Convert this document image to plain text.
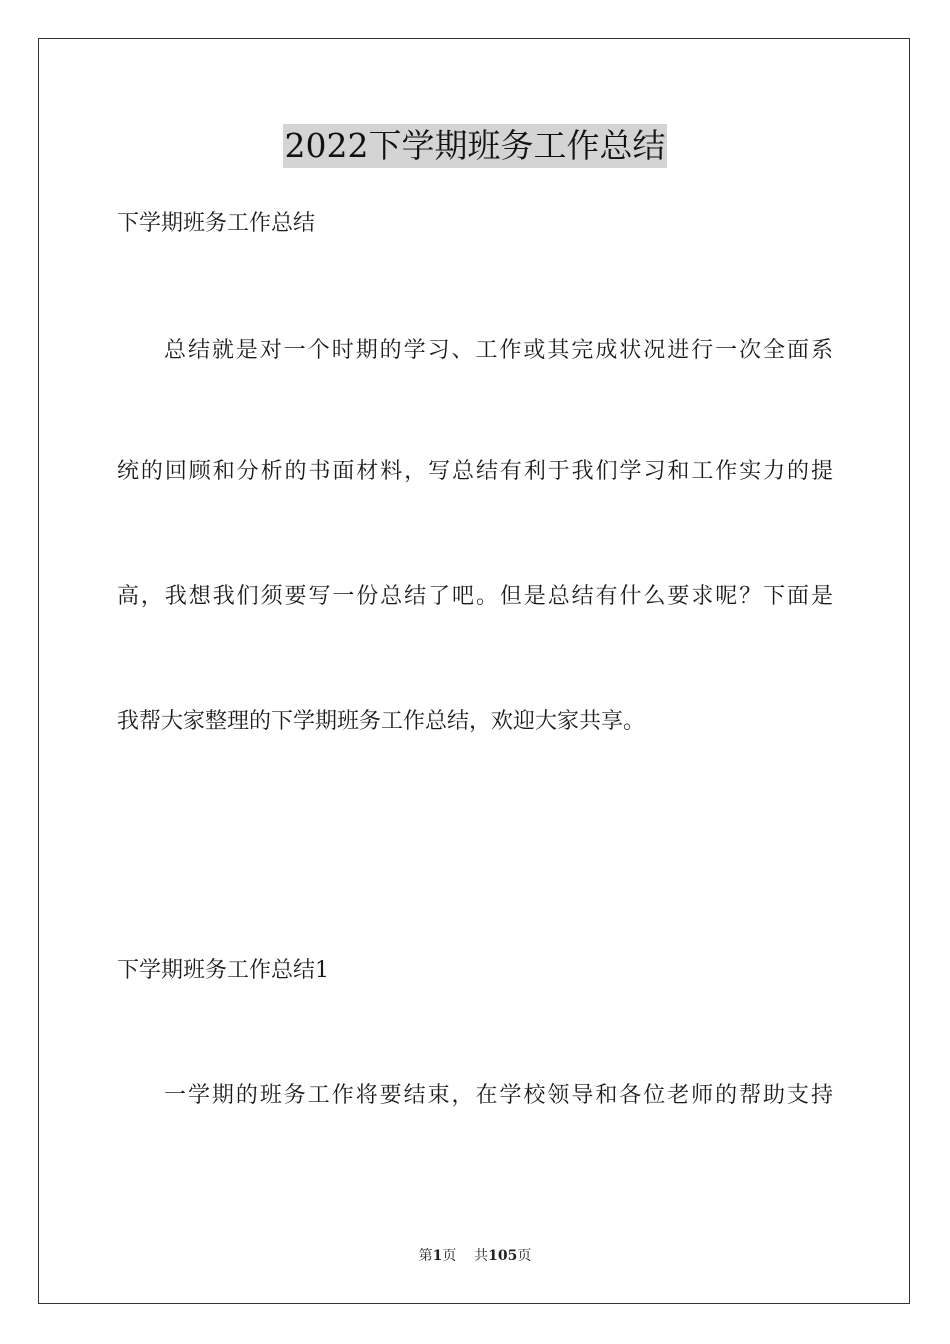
2022下学期班务工作总结
下学期班务工作总结
总结就是对一个时期的学习、工作或其完成状况进行一次全面系
统的回顾和分析的书面材料，写总结有利于我们学习和工作实力的提
高，我想我们须要写一份总结了吧。但是总结有什么要求呢？下面是
我帮大家整理的下学期班务工作总结，欢迎大家共享。
下学期班务工作总结1
一学期的班务工作将要结束，在学校领导和各位老师的帮助支持
第1页 共105页
